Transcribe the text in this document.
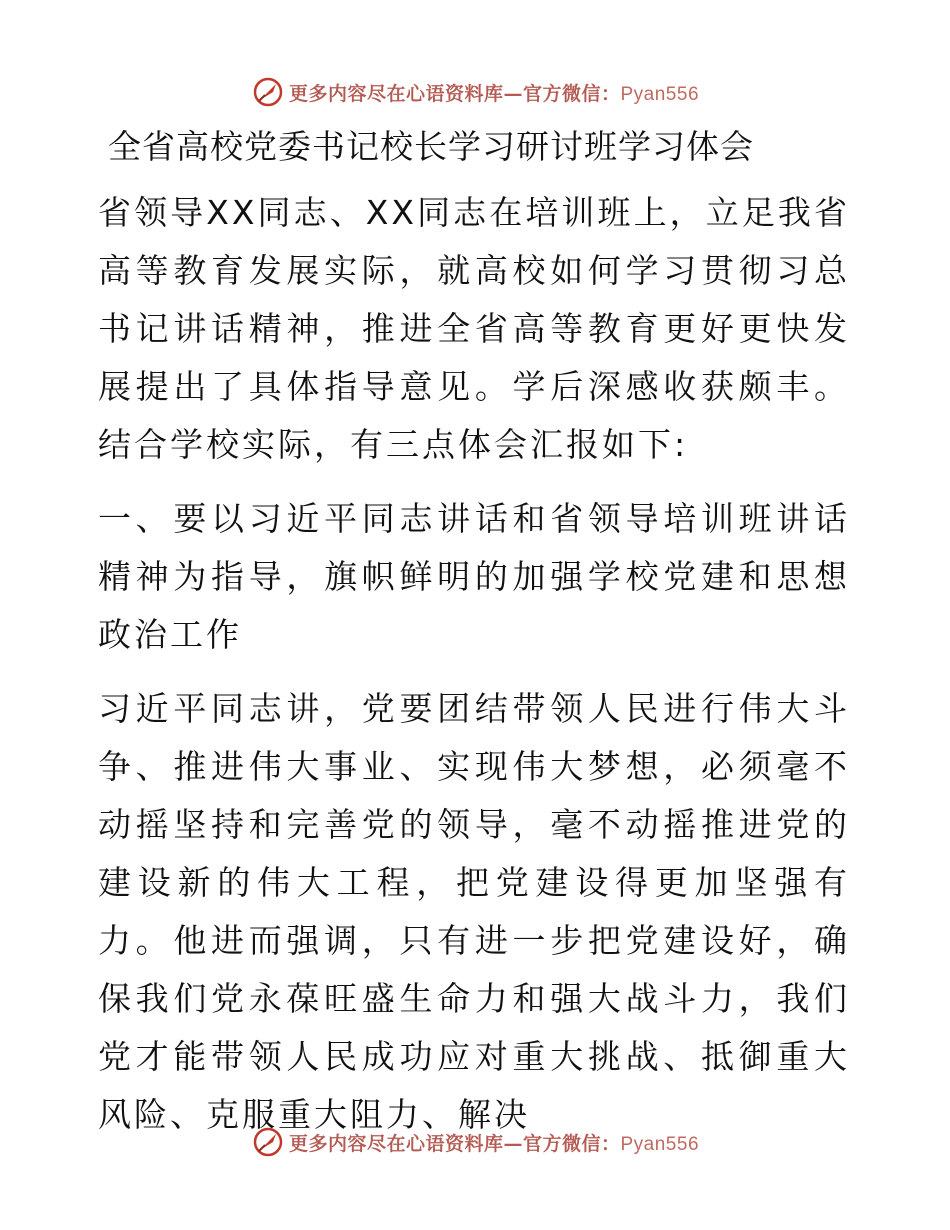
更多内容尽在心语资料库—官方微信：Pyan556
全省高校党委书记校长学习研讨班学习体会

省领导XX同志、XX同志在培训班上，立足我省高等教育发展实际，就高校如何学习贯彻习总书记讲话精神，推进全省高等教育更好更快发展提出了具体指导意见。学后深感收获颇丰。结合学校实际，有三点体会汇报如下:

一、要以习近平同志讲话和省领导培训班讲话精神为指导，旗帜鲜明的加强学校党建和思想政治工作

习近平同志讲，党要团结带领人民进行伟大斗争、推进伟大事业、实现伟大梦想，必须毫不动摇坚持和完善党的领导，毫不动摇推进党的建设新的伟大工程，把党建设得更加坚强有力。他进而强调，只有进一步把党建设好，确保我们党永葆旺盛生命力和强大战斗力，我们党才能带领人民成功应对重大挑战、抵御重大风险、克服重大阻力、解决

更多内容尽在心语资料库—官方微信：Pyan556
